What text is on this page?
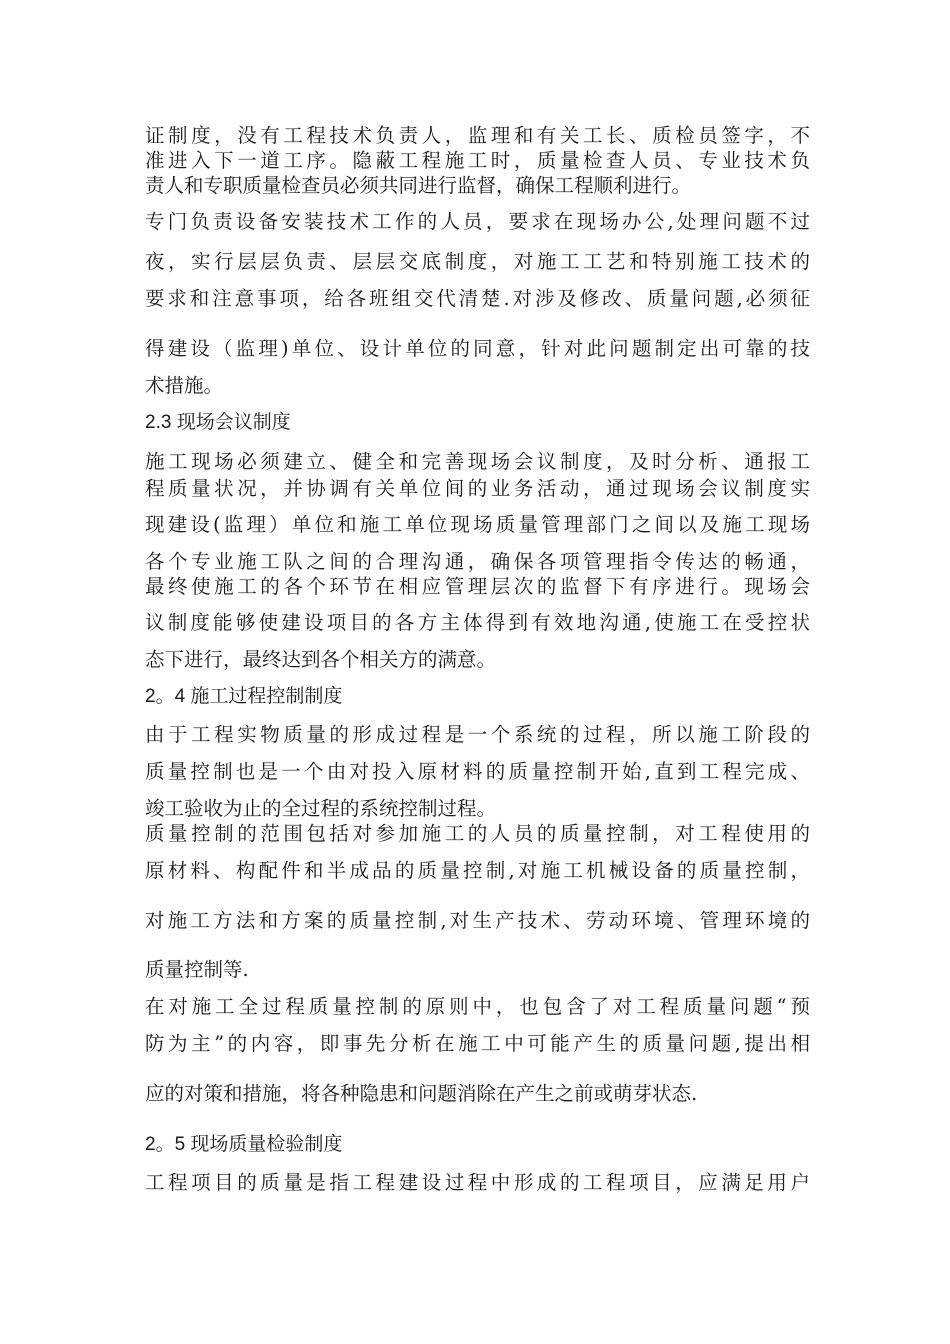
证制度，没有工程技术负责人，监理和有关工长、质检员签字，不
准进入下一道工序。隐蔽工程施工时，质量检查人员、专业技术负
责人和专职质量检查员必须共同进行监督，确保工程顺利进行。
专门负责设备安装技术工作的人员，要求在现场办公,处理问题不过
夜，实行层层负责、层层交底制度，对施工工艺和特别施工技术的
要求和注意事项，给各班组交代清楚.对涉及修改、质量问题,必须征
得建设（监理)单位、设计单位的同意，针对此问题制定出可靠的技
术措施。
2.3 现场会议制度
施工现场必须建立、健全和完善现场会议制度，及时分析、通报工
程质量状况，并协调有关单位间的业务活动，通过现场会议制度实
现建设(监理）单位和施工单位现场质量管理部门之间以及施工现场
各个专业施工队之间的合理沟通，确保各项管理指令传达的畅通，
最终使施工的各个环节在相应管理层次的监督下有序进行。现场会
议制度能够使建设项目的各方主体得到有效地沟通,使施工在受控状
态下进行，最终达到各个相关方的满意。
2。4 施工过程控制制度
由于工程实物质量的形成过程是一个系统的过程，所以施工阶段的
质量控制也是一个由对投入原材料的质量控制开始,直到工程完成、
竣工验收为止的全过程的系统控制过程。
质量控制的范围包括对参加施工的人员的质量控制，对工程使用的
原材料、构配件和半成品的质量控制,对施工机械设备的质量控制，
对施工方法和方案的质量控制,对生产技术、劳动环境、管理环境的
质量控制等.
在对施工全过程质量控制的原则中，也包含了对工程质量问题“预
防为主”的内容，即事先分析在施工中可能产生的质量问题,提出相
应的对策和措施，将各种隐患和问题消除在产生之前或萌芽状态.
2。5 现场质量检验制度
工程项目的质量是指工程建设过程中形成的工程项目，应满足用户
